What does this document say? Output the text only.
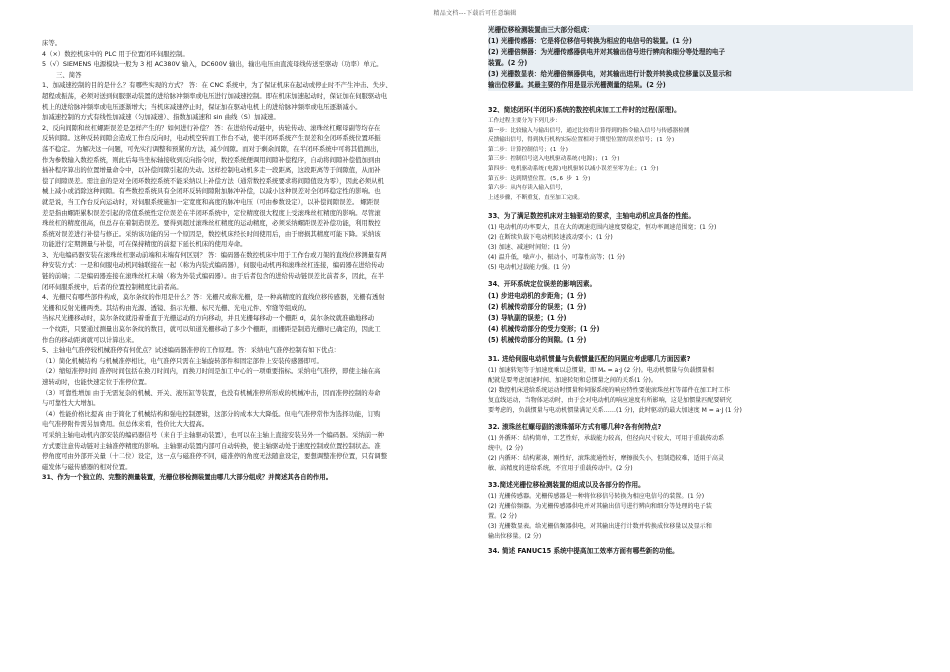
精品文档---下载后可任意编辑
床等。
4（×）数控机床中的 PLC 用于位置闭环伺服控制。
5（√）SIEMENS 电源模块一般为 3 相 AC380V 输入，DC600V 输出，输出电压由直流母线传送至驱动（功率）单元。
三、简答
1、加减速控制的目的是什么？有哪些实现的方式？ 答：在 CNC 系统中，为了保证机床在起动或停止时不产生冲击、失步、
超程或振荡，必须对送到伺服驱动装置的进给脉冲频率或电压进行加减速控制。即在机床加速起动时，保证加在伺服驱动电
机上的进给脉冲频率或电压逐渐增大；当机床减速停止时，保证加在驱动电机上的进给脉冲频率或电压逐渐减小。
加减速控制的方式有线性加减速（匀加减速）、指数加减速和 sin 曲线（S）加减速。
2、反向间隙和丝杠螺距误差是怎样产生的？如何进行补偿？ 答：在进给传动链中，齿轮传动、滚珠丝杠螺母副等均存在
反转间隙。这种反转间隙会造成工作台反向时，电动机空转而工作台不动，使半闭环系统产生误差和全闭环系统位置环振
荡不稳定。 为解决这一问题，可先实行调整和预紧的方法，减少间隙。而对于剩余间隙，在半闭环系统中可将其值测出，
作为参数输入数控系统，则此后每当坐标轴接收到反向指令时，数控系统便调用间隙补偿程序，自动将间隙补偿值加到由
插补程序算出的位置增量命令中，以补偿间隙引起的失动。这样控制电动机多走一段距离，这段距离等于间隙值，从而补
偿了间隙误差。需注意的是对全闭环数控系统不能采纳以上补偿方法（通常数控系统要求将间隙值设为零），因此必须从机
械上减小或消除这种间隙。有些数控系统具有全闭环反转间隙附加脉冲补偿，以减小这种误差对全闭环稳定性的影响。也
就是说，当工作台反向运动时，对伺服系统施加一定宽度和高度的脉冲电压（可由参数设定），以补偿间隙误差。 螺距误
差是指由螺距累积误差引起的常值系统性定位误差在半闭环系统中，定位精度很大程度上受滚珠丝杠精度的影响。尽管滚
珠丝杠的精度很高，但总存在着制造误差。要得到超过滚珠丝杠精度的运动精度，必须采纳螺距误差补偿功能，利用数控
系统对误差进行补偿与修正。采纳该功能的另一个原因是，数控机床经长时间使用后，由于磨损其精度可能下降。采纳该
功能进行定期测量与补偿，可在保持精度的前提下延长机床的使用寿命。
3、光电编码器安装在滚珠丝杠驱动前端和末端有何区别？ 答：编码器在数控机床中用于工作台或刀架的直线位移测量有两
种安装方式：一是和伺服电动机同轴联接在一起（称为内装式编码器），伺服电动机再和滚珠丝杠连接，编码器在进给传动
链的前端；二是编码器连接在滚珠丝杠末端（称为外装式编码器）。由于后者包含的进给传动链误差比前者多，因此，在半
闭环伺服系统中，后者的位置控制精度比前者高。
4、光栅尺有哪些部件构成，莫尔条纹的作用是什么？答：光栅尺或称光栅，是一种高精度的直线位移传感器，光栅有透射
光栅和反射光栅两类。其结构由光源、透镜、指示光栅、标尺光栅、光电元件、窄缝等组成的。
当标尺光栅移动时，莫尔条纹就沿着垂直于光栅运动的方向移动，并且光栅每移动一个栅距 d，莫尔条纹就准确地移动
一个纹距，只要通过测量出莫尔条纹的数目，就可以知道光栅移动了多少个栅距，而栅距是制造光栅时已确定的，因此工
作台的移动距离就可以计算出来。
5、主轴电气准停较机械准停有何优点？试述编码器准停的工作原理。答：采纳电气准停控制有如下优点：
（1）简化机械结构 与机械准停相比，电气准停只需在主轴旋转部件和固定部件上安装传感器即可。
（2）缩短准停时间 准停时间包括在换刀时间内，而换刀时间是加工中心的一项重要指标。采纳电气准停，即使主轴在高
速转动时，也能快速定位于准停位置。
（3）可靠性增加 由于无需复杂的机械、开关、液压缸等装置，也没有机械准停所形成的机械冲击，因而准停控制的寿命
与可靠性大大增加。
（4）性能价格比提高 由于简化了机械结构和强电控制逻辑，这部分的成本大大降低。但电气准停常作为选择功能，订购
电气准停附件需另加费用。但总体来看，性价比大大提高。
可采纳主轴电动机内部安装的编码器信号（来自于主轴驱动装置），也可以在主轴上直接安装另外一个编码器。采纳前一种
方式要注意传动链对主轴准停精度的影响。主轴驱动装置内部可自动转换，使主轴驱动处于速度控制或位置控制状态。准
停角度可由外部开关量（十二位）设定，这一点与磁准停不同，磁准停的角度无法随意设定，要想调整准停位置，只有调整
磁发体与磁传感器的相对位置。
31、作为一个独立的、完整的测量装置，光栅位移检测装置由哪几大部分组成？并简述其各自的作用。
光栅位移检测装置由三大部分组成：
(1) 光栅传感器：它是将位移信号转换为相应的电信号的装置。(1 分)
(2) 光栅倍频器：为光栅传感器供电并对其输出信号进行辨向和细分等处理的电子
装置。(2 分)
(3) 光栅数显表：给光栅倍频器供电，对其输出进行计数并转换成位移量以及显示和
输出位移量。其最主要的作用是显示光栅测量的结果。(2 分)
32、简述闭环(半闭环)系统的数控机床加工工件时的过程(原理)。
工作过程主要分为下列几步：
第一步：比较输入与输出信号，通过比较将计算得到的指令输入信号与传感器检测
反馈输出信号，得到执行机构实际位置相对于期望位置的误差信号；(1 分)
第二步：计算控制信号；(1 分)
第三步：控制信号送入电机驱动系统(电源)；(1 分)
第四步：电机驱动系统(电源)电机驱转以减小误差至零为止；(1 分)
第五步：达到期望位置。(5,6 步 1 分)
第六步：从内存读入输入信号，
上述步骤，不断重复，直至加工完成。
33、为了满足数控机床对主轴驱动的要求，主轴电动机应具备的性能。
(1) 电动机的功率要大，且在大的调速范围内速度要稳定，恒功率调速范围宽；(1 分)
(2) 在断续负载下电动机转速波动要小；(1 分)
(3) 加速、减速时间短；(1 分)
(4) 温升低，噪声小，振动小，可靠性高等；(1 分)
(5) 电动机过载能力强。(1 分)
34、开环系统定位误差的影响因素。
(1) 步进电动机的步距角；(1 分)
(2) 机械传动部分的误差；(1 分)
(3) 导轨副的误差；(1 分)
(4) 机械传动部分的受力变形；(1 分)
(5) 机械传动部分的间隙。(1 分)
31. 进给伺服电动机惯量与负载惯量匹配的问题应考虑哪几方面因素?
(1) 加速转矩等于加速度乘以总惯量，即 Mₐ = a·J (2 分)。电动机惯量与负载惯量相
配就是要考虑加速时间、加速转矩和总惯量之间的关系(1 分)。
(2) 数控机床进给系统运动时惯量和伺服系统的响应特性要使滚珠丝杠等部件在加工时工作
复直线运动，当物体运动时，由于会对电动机的响应速度有所影响，这是加惯量匹配要研究
要考虑的，负载惯量与电动机惯量满足关系……(1 分)，此时驱动的最大加速度 M = a·J (1 分)
32. 滚珠丝杠螺母副的滚珠循环方式有哪几种?各有何特点?
(1) 外循环：结构简单，工艺性好，承载能力较高，但径向尺寸较大，可用于重载传动系
统中。(2 分)
(2) 内循环：结构紧凑，刚性好，滚珠流通性好，摩擦损失小，但制造较难，适用于高灵
敏、高精度的进给系统，不宜用于重载传动中。(2 分)
33.简述光栅位移检测装置的组成以及各部分的作用。
(1) 光栅传感器。光栅传感器是一种将位移信号转换为相应电信号的装置。(1 分)
(2) 光栅倍频器。为光栅传感器供电并对其输出信号进行辨向和细分等处理的电子装
置。(2 分)
(3) 光栅数显表。给光栅倍频器供电，对其输出进行计数并转换成位移量以及显示和
输出位移量。(2 分)
34. 简述 FANUC15 系统中提高加工效率方面有哪些新的功能。
